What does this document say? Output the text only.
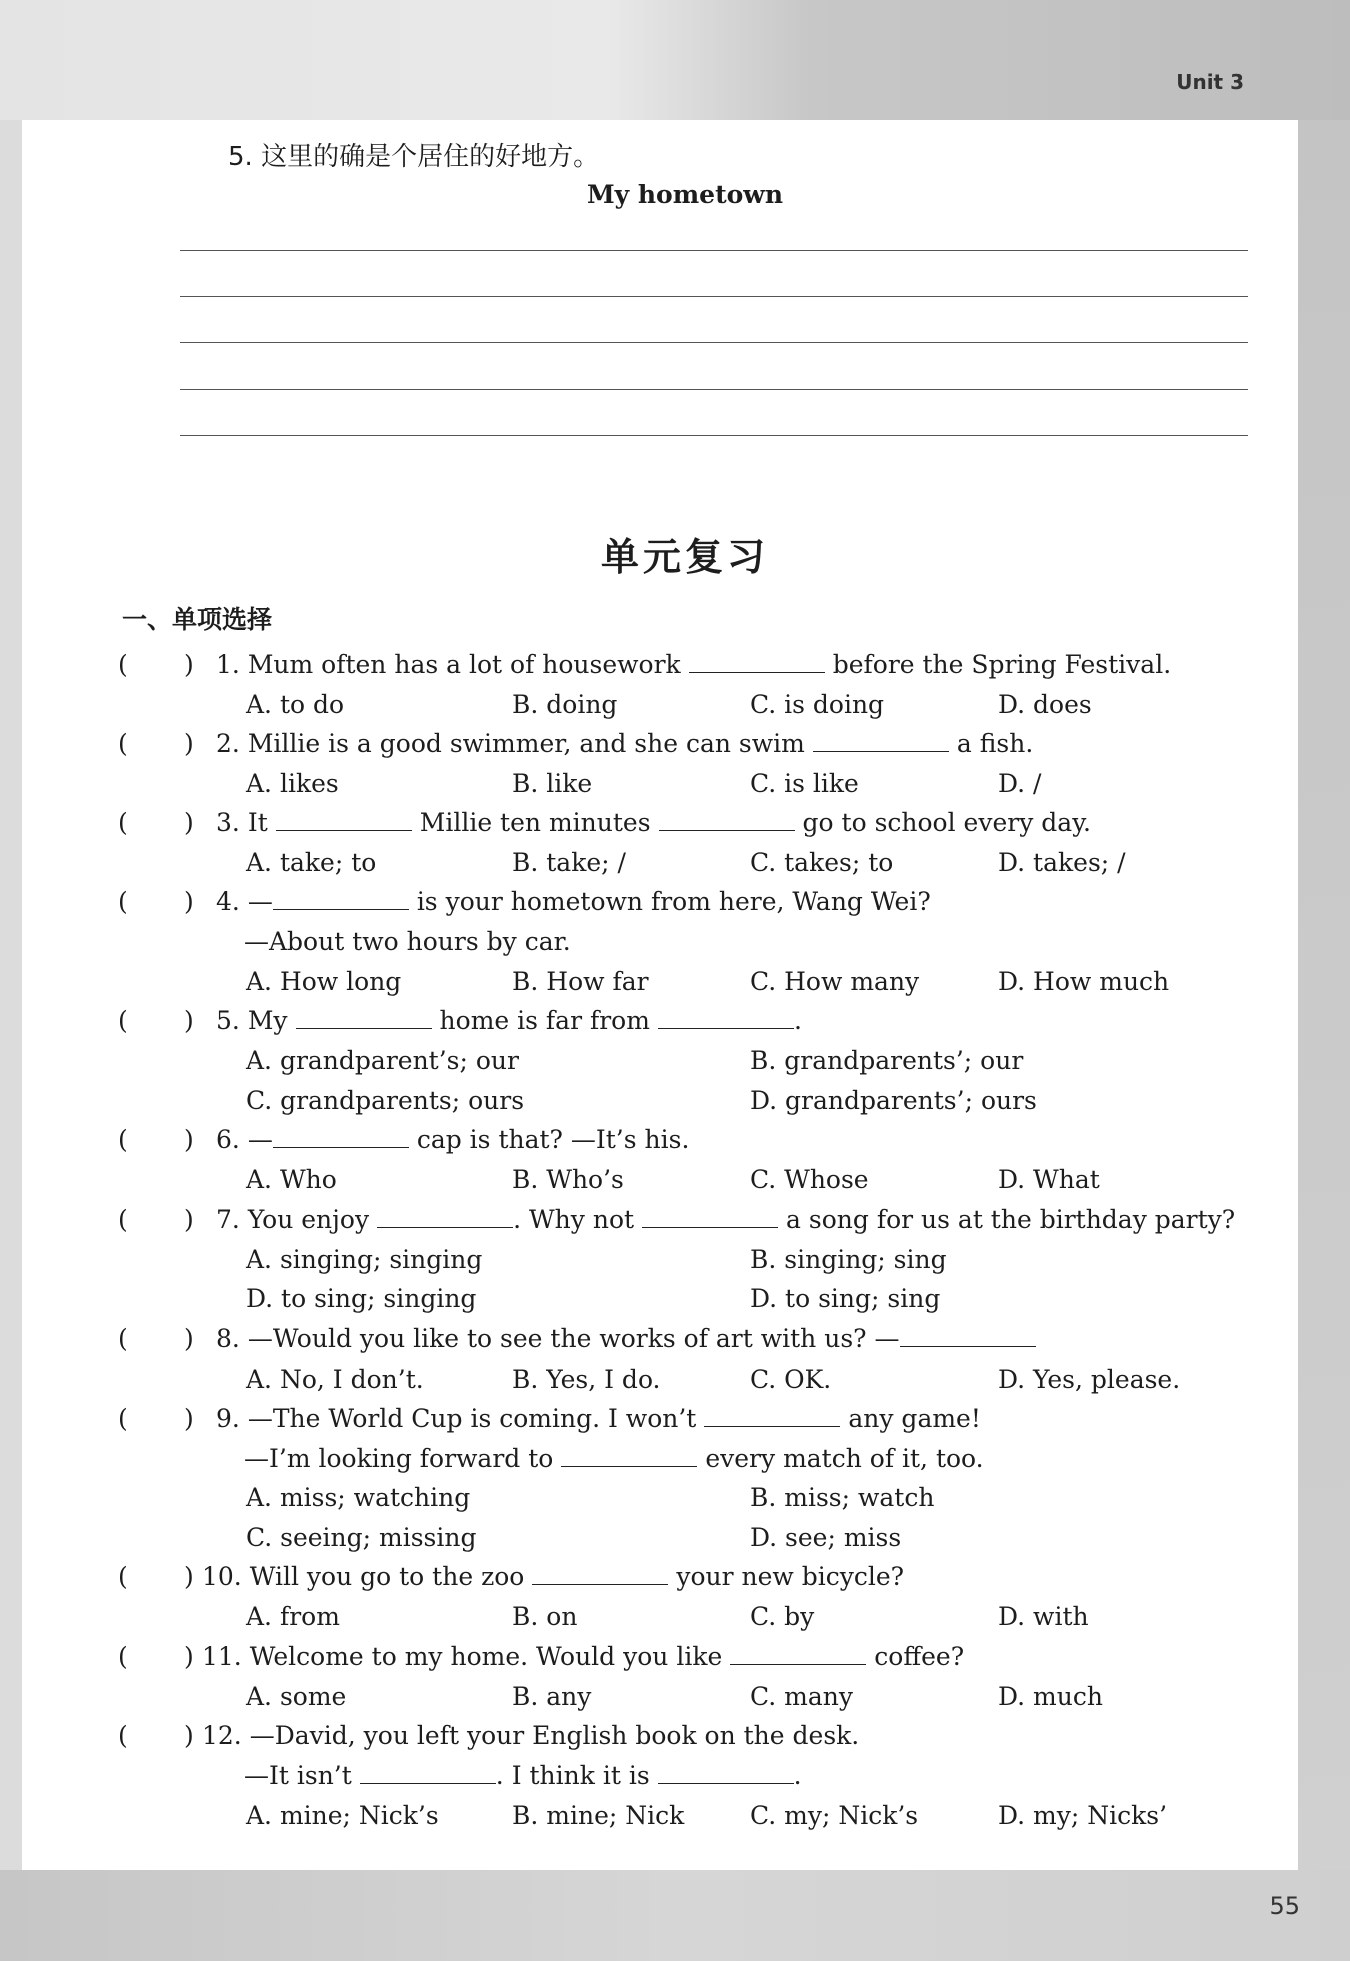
Unit 3
5. 这里的确是个居住的好地方。
My hometown
单元复习
一、单项选择
( ) 1. Mum often has a lot of housework	before the Spring Festival.
A. to do	B. doing	C. is doing	D. does
( ) 2. Millie is a good swimmer, and she can swim	a fish.
A. likes	B. like	C. is like	D. /
( ) 3. It	Millie ten minutes	go to school every day.
A. take; to	B. take; /	C. takes; to	D. takes; /
( ) 4. —	is your hometown from here, Wang Wei?
—About two hours by car.
A. How long	B. How far	C. How many	D. How much
( ) 5. My	home is far from	.
A. grandparent’s; our	B. grandparents’; our
C. grandparents; ours	D. grandparents’; ours
( ) 6. —	cap is that? —It’s his.
A. Who	B. Who’s	C. Whose	D. What
( ) 7. You enjoy	. Why not	a song for us at the birthday party?
A. singing; singing	B. singing; sing
D. to sing; singing	D. to sing; sing
( ) 8. —Would you like to see the works of art with us? —
A. No, I don’t.	B. Yes, I do.	C. OK.	D. Yes, please.
( ) 9. —The World Cup is coming. I won’t	any game!
—I’m looking forward to	every match of it, too.
A. miss; watching	B. miss; watch
C. seeing; missing	D. see; miss
( ) 10. Will you go to the zoo	your new bicycle?
A. from	B. on	C. by	D. with
( ) 11. Welcome to my home. Would you like	coffee?
A. some	B. any	C. many	D. much
( ) 12. —David, you left your English book on the desk.
—It isn’t	. I think it is	.
A. mine; Nick’s	B. mine; Nick	C. my; Nick’s	D. my; Nicks’
55
